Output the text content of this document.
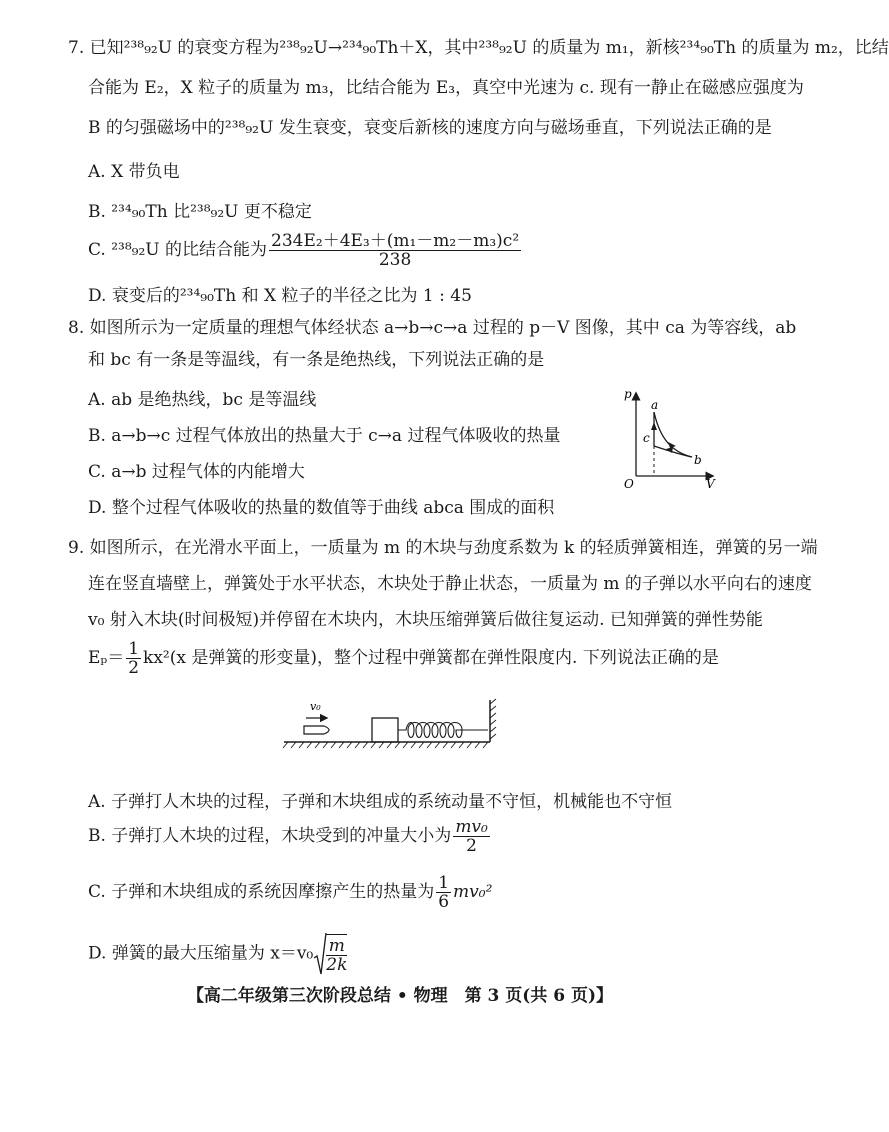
7. 已知²³⁸₉₂U 的衰变方程为²³⁸₉₂U→²³⁴₉₀Th＋X，其中²³⁸₉₂U 的质量为 m₁，新核²³⁴₉₀Th 的质量为 m₂，比结
合能为 E₂，X 粒子的质量为 m₃，比结合能为 E₃，真空中光速为 c. 现有一静止在磁感应强度为
B 的匀强磁场中的²³⁸₉₂U 发生衰变，衰变后新核的速度方向与磁场垂直，下列说法正确的是
A. X 带负电
B. ²³⁴₉₀Th 比²³⁸₉₂U 更不稳定
C. ²³⁸₉₂U 的比结合能为 $\frac{\text{234E₂＋4E₃＋(m₁－m₂－m₃)c²}}{238}$
D. 衰变后的²³⁴₉₀Th 和 X 粒子的半径之比为 1 : 45
8. 如图所示为一定质量的理想气体经状态 a→b→c→a 过程的 p－V 图像，其中 ca 为等容线，ab
和 bc 有一条是等温线，有一条是绝热线，下列说法正确的是
A. ab 是绝热线，bc 是等温线
B. a→b→c 过程气体放出的热量大于 c→a 过程气体吸收的热量
C. a→b 过程气体的内能增大
D. 整个过程气体吸收的热量的数值等于曲线 abca 围成的面积
p
V
O
a
b
c
9. 如图所示，在光滑水平面上，一质量为 m 的木块与劲度系数为 k 的轻质弹簧相连，弹簧的另一端
连在竖直墙壁上，弹簧处于水平状态，木块处于静止状态，一质量为 m 的子弹以水平向右的速度
v₀ 射入木块(时间极短)并停留在木块内，木块压缩弹簧后做往复运动. 已知弹簧的弹性势能
$E_p= \frac{1}{2} kx^2(x$ 是弹簧的形变量)，整个过程中弹簧都在弹性限度内. 下列说法正确的是
v₀
A. 子弹打人木块的过程，子弹和木块组成的系统动量不守恒，机械能也不守恒
B. 子弹打人木块的过程，木块受到的冲量大小为 $\frac{\text{mv₀}}{2}$
C. 子弹和木块组成的系统因摩擦产生的热量为 $\frac{1}{6} mv_0^2$
D. 弹簧的最大压缩量为 $x=v_0 \frac{m}{2k}$
【高二年级第三次阶段总结 • 物理　第 3 页(共 6 页)】
